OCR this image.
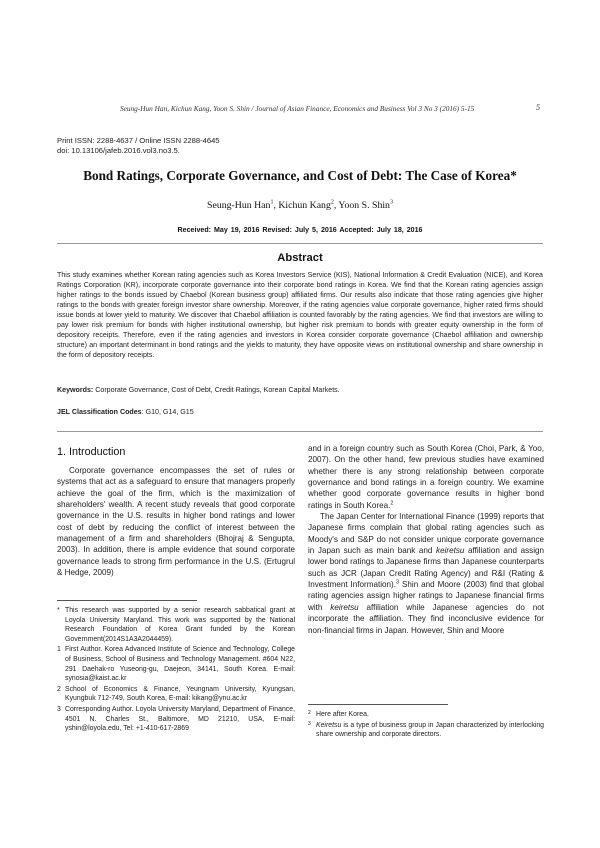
Seung-Hun Han, Kichun Kang, Yoon S. Shin / Journal of Asian Finance, Economics and Business Vol 3 No 3 (2016) 5-15	5
Print ISSN: 2288-4637 / Online ISSN 2288-4645
doi: 10.13106/jafeb.2016.vol3.no3.5.
Bond Ratings, Corporate Governance, and Cost of Debt: The Case of Korea*
Seung-Hun Han$^1$, Kichun Kang$^2$, Yoon S. Shin$^3$
Received: May 19, 2016 Revised: July 5, 2016 Accepted: July 18, 2016
Abstract
This study examines whether Korean rating agencies such as Korea Investors Service (KIS), National Information & Credit Evaluation (NICE), and Korea Ratings Corporation (KR), incorporate corporate governance into their corporate bond ratings in Korea. We find that the Korean rating agencies assign higher ratings to the bonds issued by Chaebol (Korean business group) affiliated firms. Our results also indicate that those rating agencies give higher ratings to the bonds with greater foreign investor share ownership. Moreover, if the rating agencies value corporate governance, higher rated firms should issue bonds at lower yield to maturity. We discover that Chaebol affiliation is counted favorably by the rating agencies. We find that investors are willing to pay lower risk premium for bonds with higher institutional ownership, but higher risk premium to bonds with greater equity ownership in the form of depository receipts. Therefore, even if the rating agencies and investors in Korea consider corporate governance (Chaebol affiliation and ownership structure) an important determinant in bond ratings and the yields to maturity, they have opposite views on institutional ownership and share ownership in the form of depository receipts.
Keywords: Corporate Governance, Cost of Debt, Credit Ratings, Korean Capital Markets.
JEL Classification Codes: G10, G14, G15
1. Introduction

Corporate governance encompasses the set of rules or systems that act as a safeguard to ensure that managers properly achieve the goal of the firm, which is the maximization of shareholders' wealth. A recent study reveals that good corporate governance in the U.S. results in higher bond ratings and lower cost of debt by reducing the conflict of interest between the management of a firm and shareholders (Bhojraj & Sengupta, 2003). In addition, there is ample evidence that sound corporate governance leads to strong firm performance in the U.S. (Ertugrul & Hedge, 2009)

and in a foreign country such as South Korea (Choi, Park, & Yoo, 2007). On the other hand, few previous studies have examined whether there is any strong relationship between corporate governance and bond ratings in a foreign country. We examine whether good corporate governance results in higher bond ratings in South Korea.$^2$

The Japan Center for International Finance (1999) reports that Japanese firms complain that global rating agencies such as Moody's and S&P do not consider unique corporate governance in Japan such as main bank and keiretsu affiliation and assign lower bond ratings to Japanese firms than Japanese counterparts such as JCR (Japan Credit Rating Agency) and R&I (Rating & Investment Information).$^3$ Shin and Moore (2003) find that global rating agencies assign higher ratings to Japanese financial firms with keiretsu affiliation while Japanese agencies do not incorporate the affiliation. They find inconclusive evidence for non-financial firms in Japan. However, Shin and Moore

* This research was supported by a senior research sabbatical grant at Loyola University Maryland. This work was supported by the National Research Foundation of Korea Grant funded by the Korean Government(2014S1A3A2044459).
1 First Author. Korea Advanced Institute of Science and Technology, College of Business, School of Business and Technology Management. #604 N22, 291 Daehak-ro Yuseong-gu, Daejeon, 34141, South Korea. E-mail: synosia@kaist.ac.kr
2 School of Economics & Finance, Yeungnam University, Kyungsan, Kyungbuk 712-749, South Korea, E-mail: kikang@ynu.ac.kr
3 Corresponding Author. Loyola University Maryland, Department of Finance, 4501 N. Charles St., Baltimore, MD 21210, USA, E-mail: yshin@loyola.edu, Tel: +1-410-617-2869
2 Here after Korea.
3 Keiretsu is a type of business group in Japan characterized by interlocking share ownership and corporate directors.
